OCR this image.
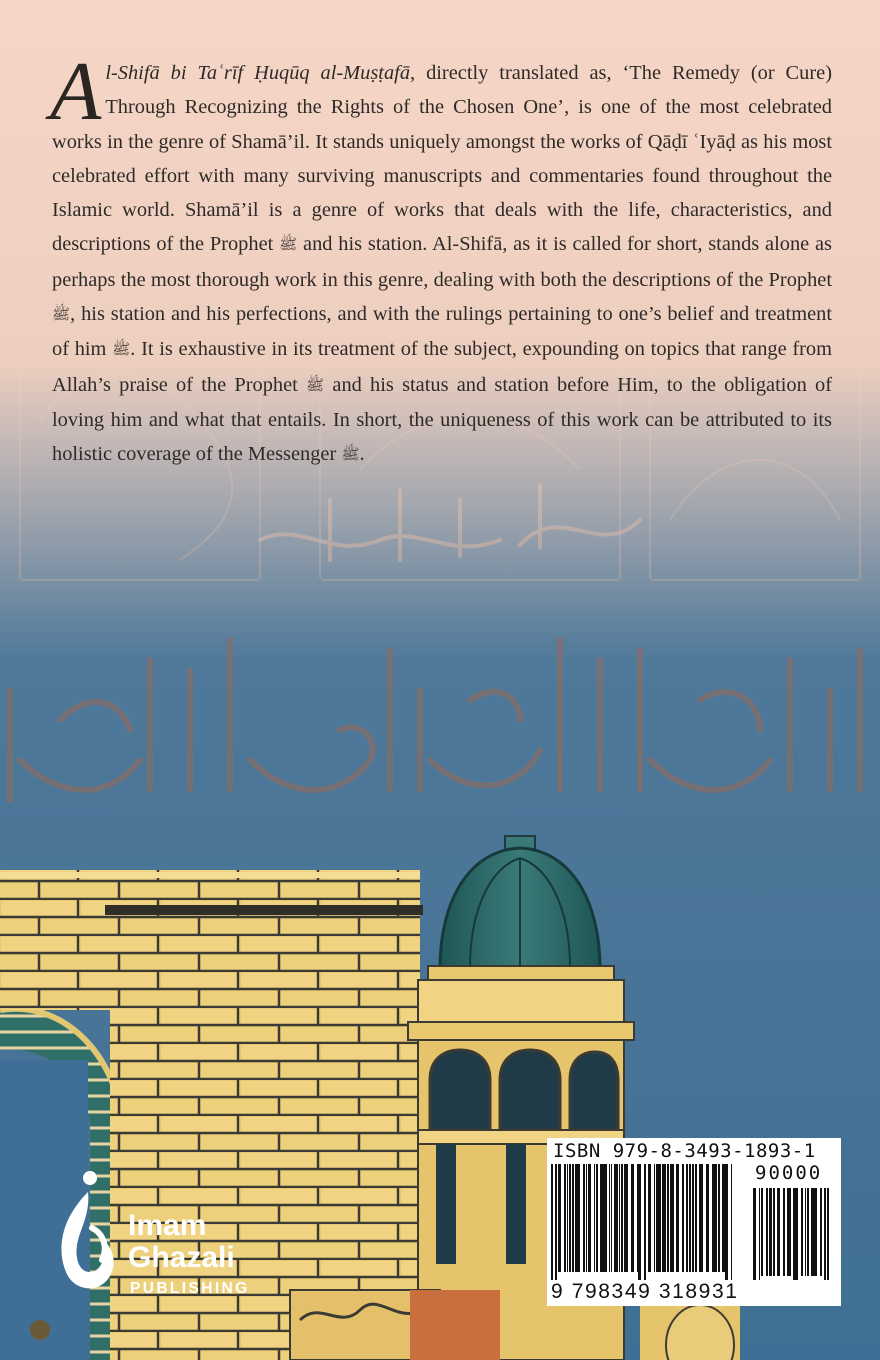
Al-Shifā bi Taʿrīf Ḥuqūq al-Muṣṭafā, directly translated as, ‘The Remedy (or Cure) Through Recognizing the Rights of the Chosen One’, is one of the most celebrated works in the genre of Shamā’il. It stands uniquely amongst the works of Qāḍī ʿIyāḍ as his most celebrated effort with many surviving manuscripts and commentaries found throughout the Islamic world. Shamā’il is a genre of works that deals with the life, characteristics, and descriptions of the Prophet ﷺ and his station. Al-Shifā, as it is called for short, stands alone as perhaps the most thorough work in this genre, dealing with both the descriptions of the Prophet ﷺ, his station and his perfections, and with the rulings pertaining to one’s belief and treatment of him ﷺ. It is exhaustive in its treatment of the subject, expounding on topics that range from Allah’s praise of the Prophet ﷺ and his status and station before Him, to the obligation of loving him and what that entails. In short, the uniqueness of this work can be attributed to its holistic coverage of the Messenger ﷺ.

Imam
Ghazali
PUBLISHING
ISBN 979-8-3493-1893-1
90000
9 798349 318931
